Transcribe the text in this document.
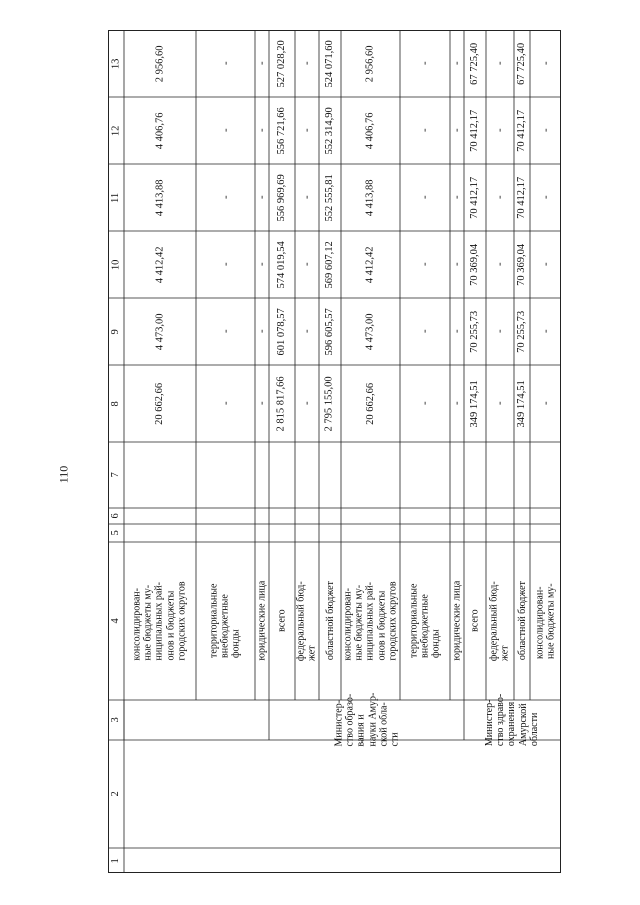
110
1
2
3
4
5
6
7
8
9
10
11
12
13	2 956,60
4 406,76
4 413,88
4 412,42
4 473,00
20 662,66
консолидирован- ные бюджеты му- ниципальных рай- онов и бюджеты городских округов
-
-
-
-
-
-
территориальные внебюджетные фонды
-
-
-
-
-
-
юридические лица
527 028,20
556 721,66
556 969,69
574 019,54
601 078,57
2 815 817,66
всего
-
-
-
-
-
-
федеральный бюд- жет
524 071,60
552 314,90
552 555,81
569 607,12
596 605,57
2 795 155,00
областной бюджет
2 956,60
4 406,76
4 413,88
4 412,42
4 473,00
20 662,66
консолидирован- ные бюджеты му- ниципальных рай- онов и бюджеты городских округов
-
-
-
-
-
-
территориальные внебюджетные фонды
-
-
-
-
-
-
юридические лица
67 725,40
70 412,17
70 412,17
70 369,04
70 255,73
349 174,51
всего
-
-
-
-
-
-
федеральный бюд- жет
67 725,40
70 412,17
70 412,17
70 369,04
70 255,73
349 174,51
областной бюджет
-
-
-
-
-
-
консолидирован- ные бюджеты му-
Министер- ство образо- вания и науки Амур- ской обла- сти	Министер- ство здраво- охранения Амурской области
